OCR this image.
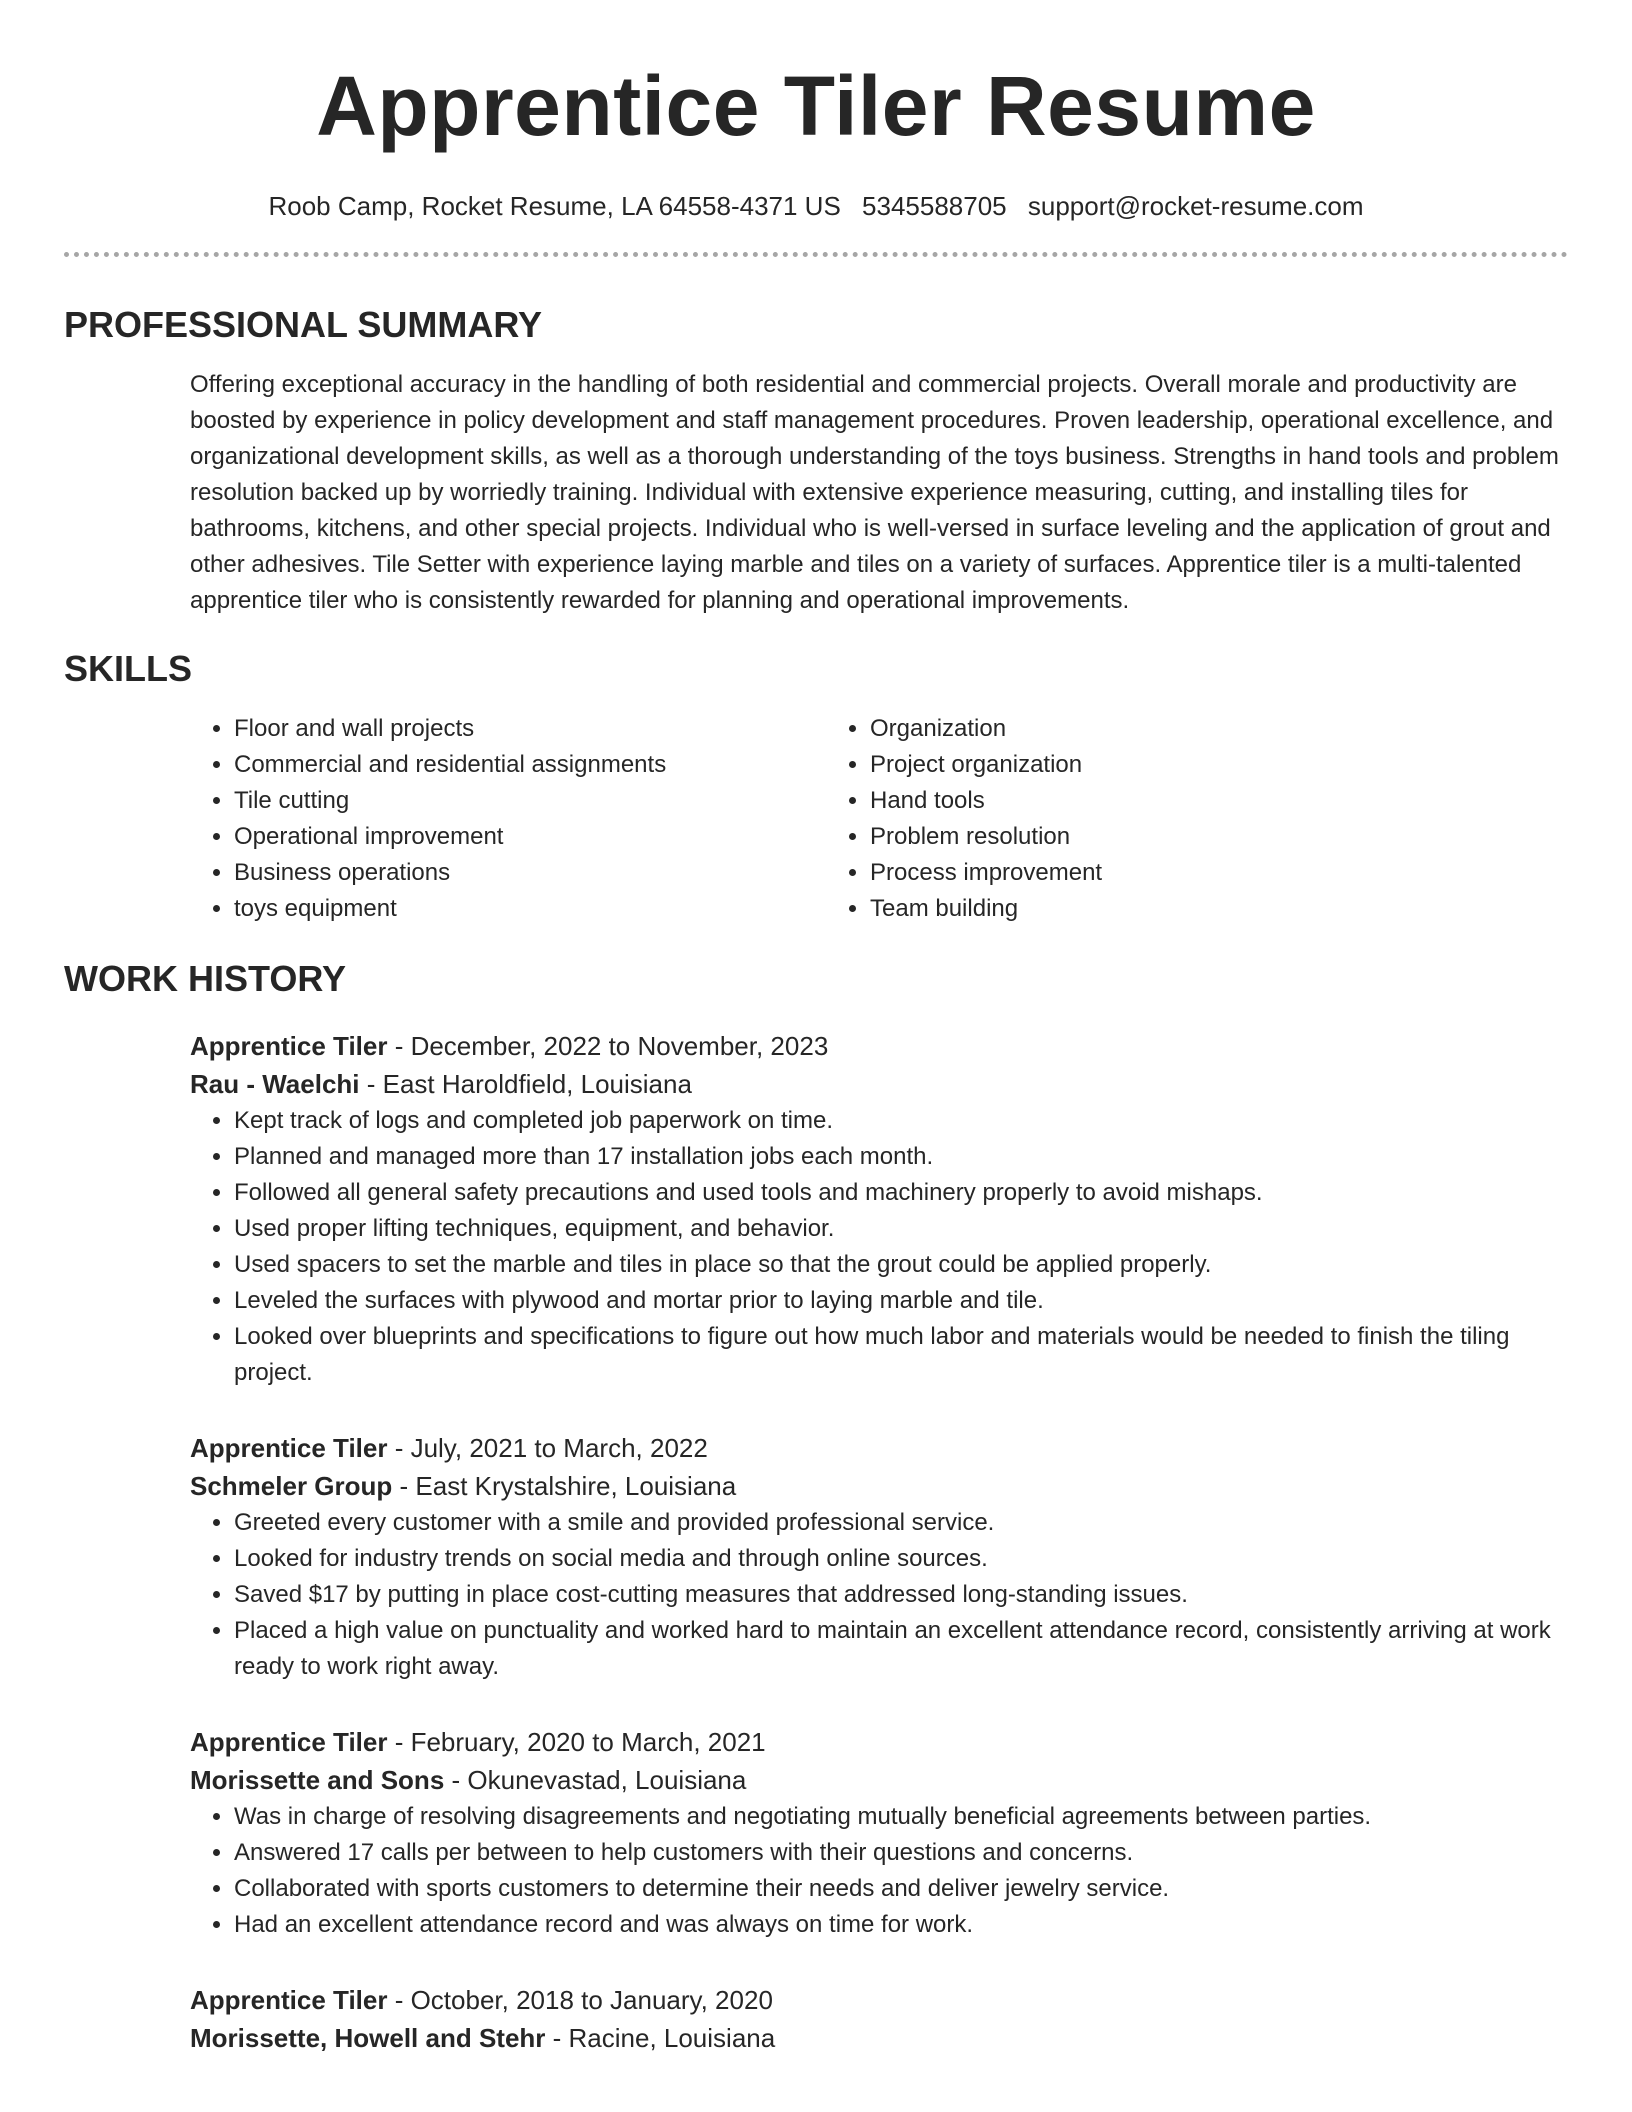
Apprentice Tiler Resume
Roob Camp, Rocket Resume, LA 64558-4371 US 5345588705 support@rocket-resume.com
PROFESSIONAL SUMMARY

Offering exceptional accuracy in the handling of both residential and commercial projects. Overall morale and productivity are boosted by experience in policy development and staff management procedures. Proven leadership, operational excellence, and organizational development skills, as well as a thorough understanding of the toys business. Strengths in hand tools and problem resolution backed up by worriedly training. Individual with extensive experience measuring, cutting, and installing tiles for bathrooms, kitchens, and other special projects. Individual who is well-versed in surface leveling and the application of grout and other adhesives. Tile Setter with experience laying marble and tiles on a variety of surfaces. Apprentice tiler is a multi-talented apprentice tiler who is consistently rewarded for planning and operational improvements.

SKILLS
• Floor and wall projects
• Commercial and residential assignments
• Tile cutting
• Operational improvement
• Business operations
• toys equipment
• Organization
• Project organization
• Hand tools
• Problem resolution
• Process improvement
• Team building
WORK HISTORY
Apprentice Tiler - December, 2022 to November, 2023
Rau - Waelchi - East Haroldfield, Louisiana
• Kept track of logs and completed job paperwork on time.
• Planned and managed more than 17 installation jobs each month.
• Followed all general safety precautions and used tools and machinery properly to avoid mishaps.
• Used proper lifting techniques, equipment, and behavior.
• Used spacers to set the marble and tiles in place so that the grout could be applied properly.
• Leveled the surfaces with plywood and mortar prior to laying marble and tile.
• Looked over blueprints and specifications to figure out how much labor and materials would be needed to finish the tiling project.
Apprentice Tiler - July, 2021 to March, 2022
Schmeler Group - East Krystalshire, Louisiana
• Greeted every customer with a smile and provided professional service.
• Looked for industry trends on social media and through online sources.
• Saved $17 by putting in place cost-cutting measures that addressed long-standing issues.
• Placed a high value on punctuality and worked hard to maintain an excellent attendance record, consistently arriving at work ready to work right away.
Apprentice Tiler - February, 2020 to March, 2021
Morissette and Sons - Okunevastad, Louisiana
• Was in charge of resolving disagreements and negotiating mutually beneficial agreements between parties.
• Answered 17 calls per between to help customers with their questions and concerns.
• Collaborated with sports customers to determine their needs and deliver jewelry service.
• Had an excellent attendance record and was always on time for work.
Apprentice Tiler - October, 2018 to January, 2020
Morissette, Howell and Stehr - Racine, Louisiana
